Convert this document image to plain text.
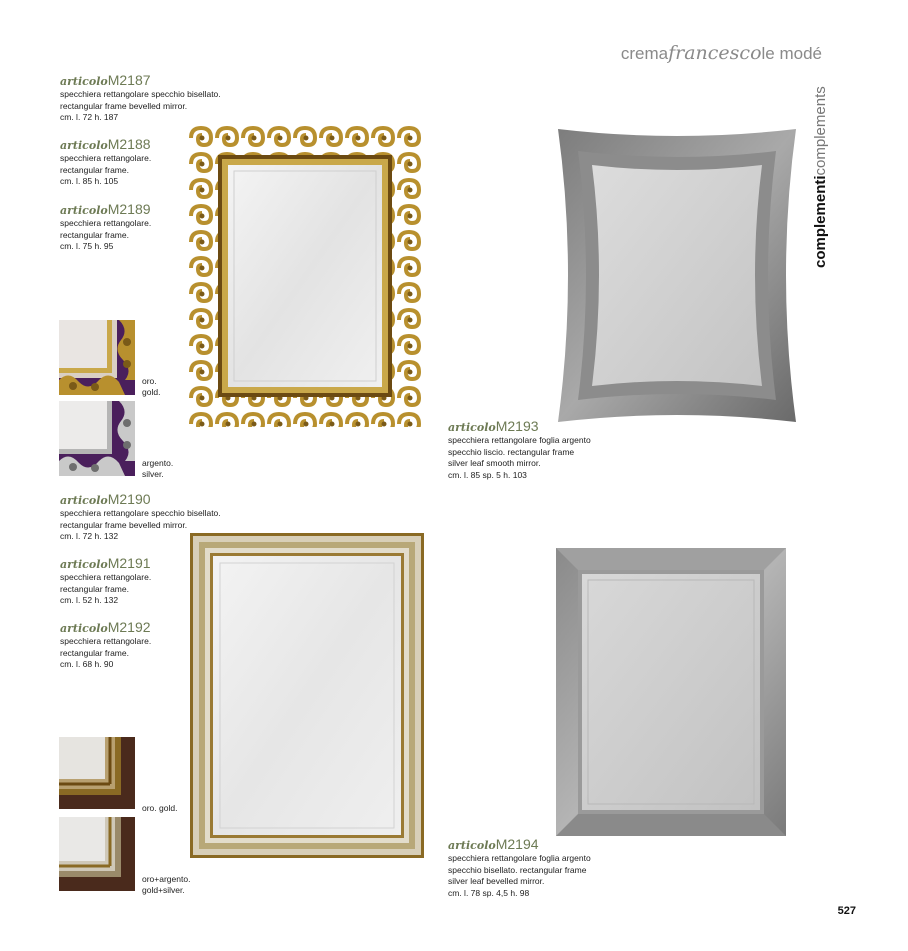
cremafrancescole modé
complementicomplements
articoloM2187
specchiera rettangolare specchio bisellato.
rectangular frame bevelled mirror.
cm. l. 72 h. 187
articoloM2188
specchiera rettangolare.
rectangular frame.
cm. l. 85 h. 105
articoloM2189
specchiera rettangolare.
rectangular frame.
cm. l. 75 h. 95
oro.
gold.
argento.
silver.
articoloM2193
specchiera rettangolare foglia argento
specchio liscio. rectangular frame
silver leaf smooth mirror.
cm. l. 85 sp. 5 h. 103
articoloM2190
specchiera rettangolare specchio bisellato.
rectangular frame bevelled mirror.
cm. l. 72 h. 132
articoloM2191
specchiera rettangolare.
rectangular frame.
cm. l. 52 h. 132
articoloM2192
specchiera rettangolare.
rectangular frame.
cm. l. 68 h. 90
oro. gold.
oro+argento.
gold+silver.
articoloM2194
specchiera rettangolare foglia argento
specchio bisellato. rectangular frame
silver leaf bevelled mirror.
cm. l. 78 sp. 4,5 h. 98
527
